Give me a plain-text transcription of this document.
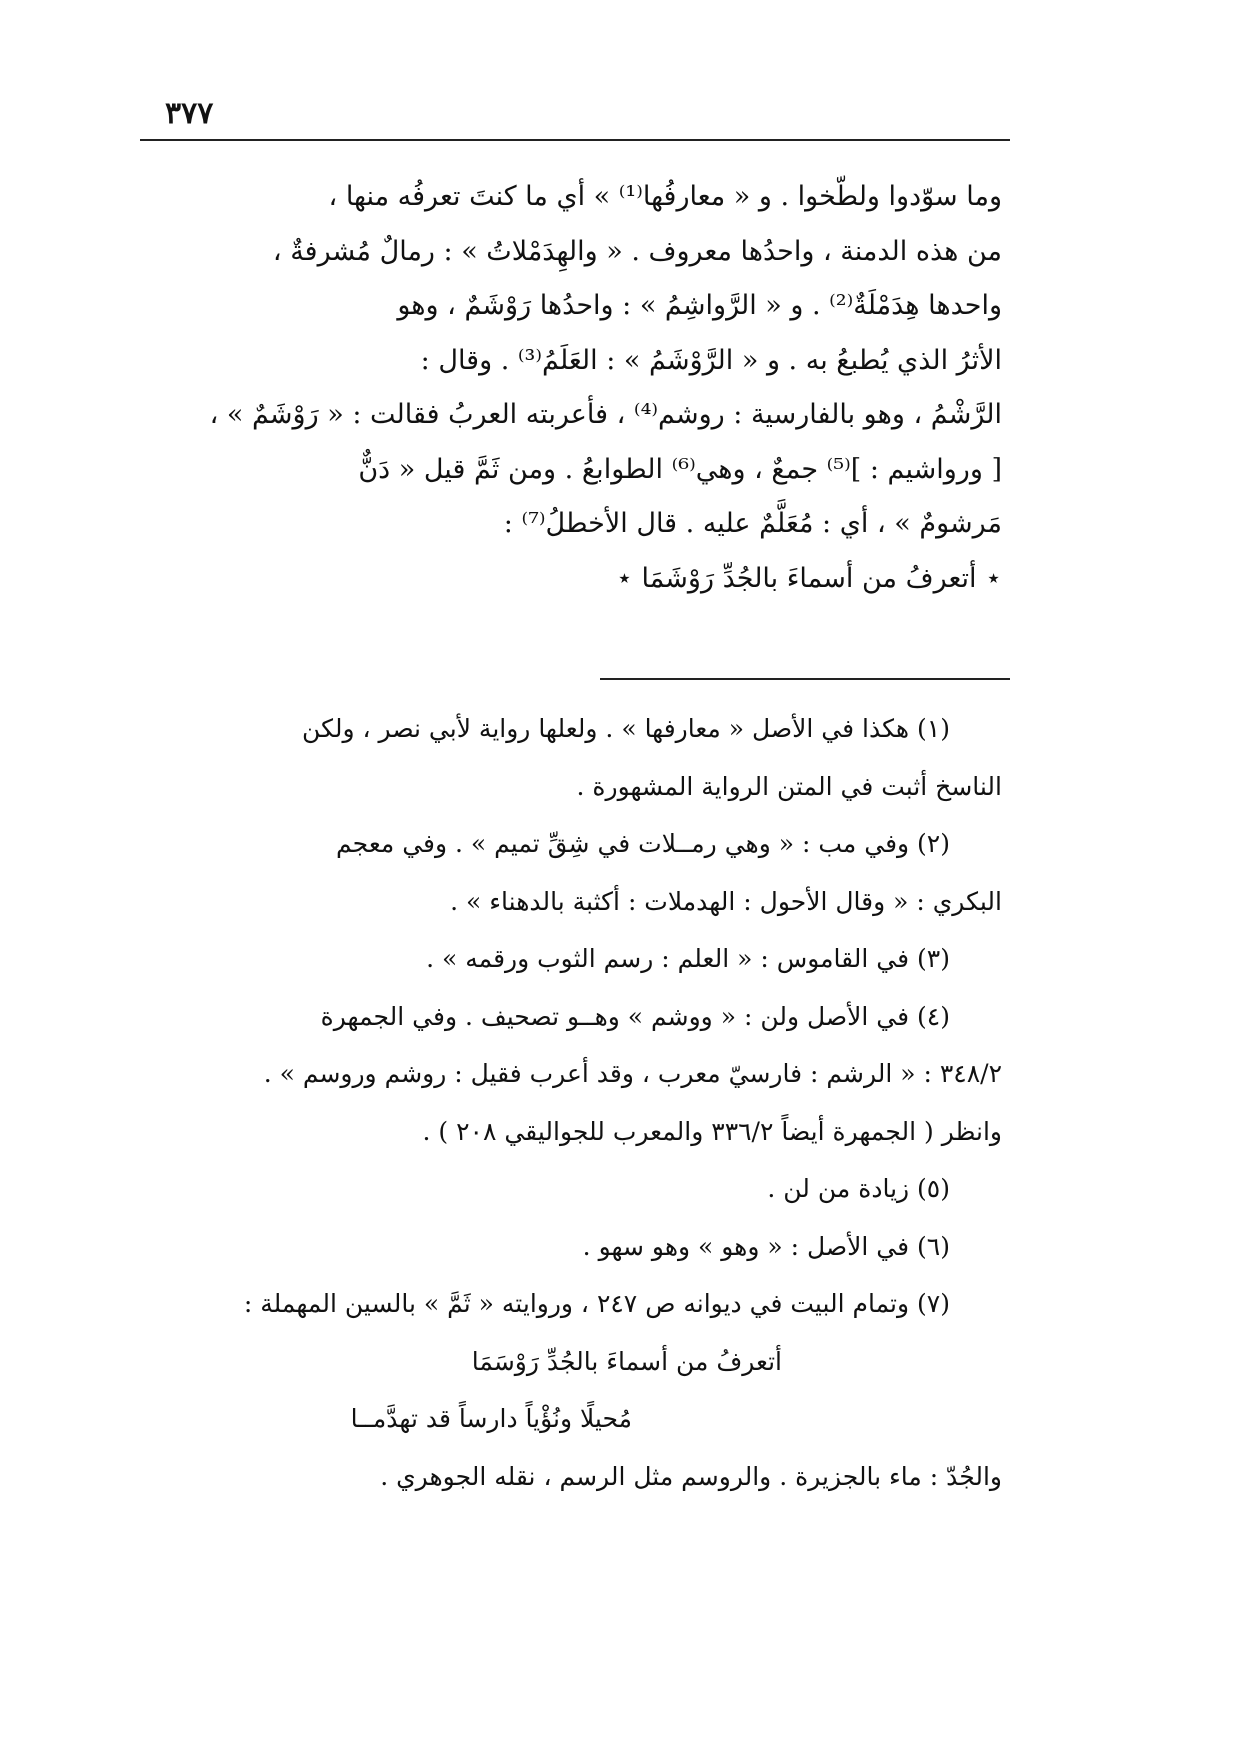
٣٧٧
وما سوّدوا ولطّخوا . و « معارفُها⁽¹⁾ » أي ما كنتَ تعرفُه منها ،
من هذه الدمنة ، واحدُها معروف . « والهِدَمْلاتُ » : رمالٌ مُشرفةٌ ،
واحدها هِدَمْلَةٌ⁽²⁾ . و « الرَّواشِمُ » : واحدُها رَوْشَمٌ ، وهو
الأثرُ الذي يُطبعُ به . و « الرَّوْشَمُ » : العَلَمُ⁽³⁾ . وقال :
الرَّشْمُ ، وهو بالفارسية : روشم⁽⁴⁾ ، فأعربته العربُ فقالت : « رَوْشَمٌ » ،
[ ورواشيم : ]⁽⁵⁾ جمعٌ ، وهي⁽⁶⁾ الطوابعُ . ومن ثَمَّ قيل « دَنٌّ
مَرشومٌ » ، أي : مُعَلَّمٌ عليه . قال الأخطلُ⁽⁷⁾ :
⋆ أتعرفُ من أسماءَ بالجُدِّ رَوْشَمَا ⋆
(١) هكذا في الأصل « معارفها » . ولعلها رواية لأبي نصر ، ولكن
الناسخ أثبت في المتن الرواية المشهورة .
(٢) وفي مب : « وهي رمــلات في شِقِّ تميم » . وفي معجم
البكري : « وقال الأحول : الهدملات : أكثبة بالدهناء » .
(٣) في القاموس : « العلم : رسم الثوب ورقمه » .
(٤) في الأصل ولن : « ووشم » وهــو تصحيف . وفي الجمهرة
٣٤٨/٢ : « الرشم : فارسيّ معرب ، وقد أعرب فقيل : روشم وروسم » .
وانظر ( الجمهرة أيضاً ٣٣٦/٢ والمعرب للجواليقي ٢٠٨ ) .
(٥) زيادة من لن .
(٦) في الأصل : « وهو » وهو سهو .
(٧) وتمام البيت في ديوانه ص ٢٤٧ ، وروايته « ثَمَّ » بالسين المهملة :
أتعرفُ من أسماءَ بالجُدِّ رَوْسَمَا
مُحيلًا ونُؤْياً دارساً قد تهدَّمــا
والجُدّ : ماء بالجزيرة . والروسم مثل الرسم ، نقله الجوهري .
